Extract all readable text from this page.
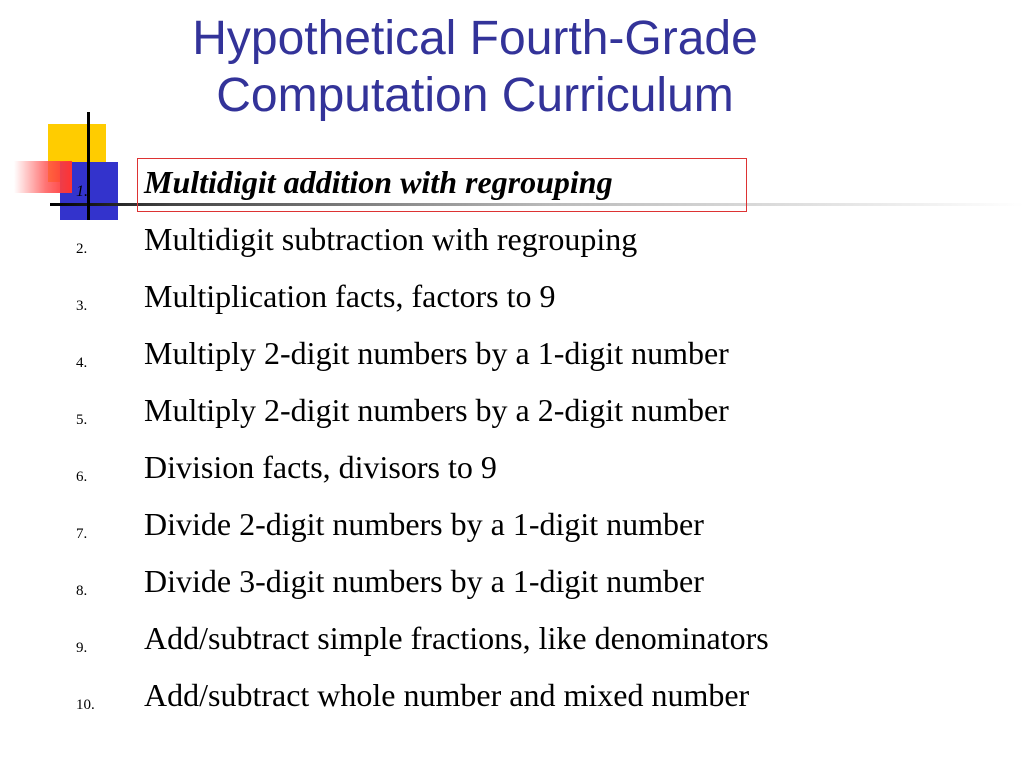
Hypothetical Fourth-Grade
Computation Curriculum
1.	Multidigit addition with regrouping
2.	Multidigit subtraction with regrouping
3.	Multiplication facts, factors to 9
4.	Multiply 2-digit numbers by a 1-digit number
5.	Multiply 2-digit numbers by a 2-digit number
6.	Division facts, divisors to 9
7.	Divide 2-digit numbers by a 1-digit number
8.	Divide 3-digit numbers by a 1-digit number
9.	Add/subtract simple fractions, like denominators
10.	Add/subtract whole number and mixed number
